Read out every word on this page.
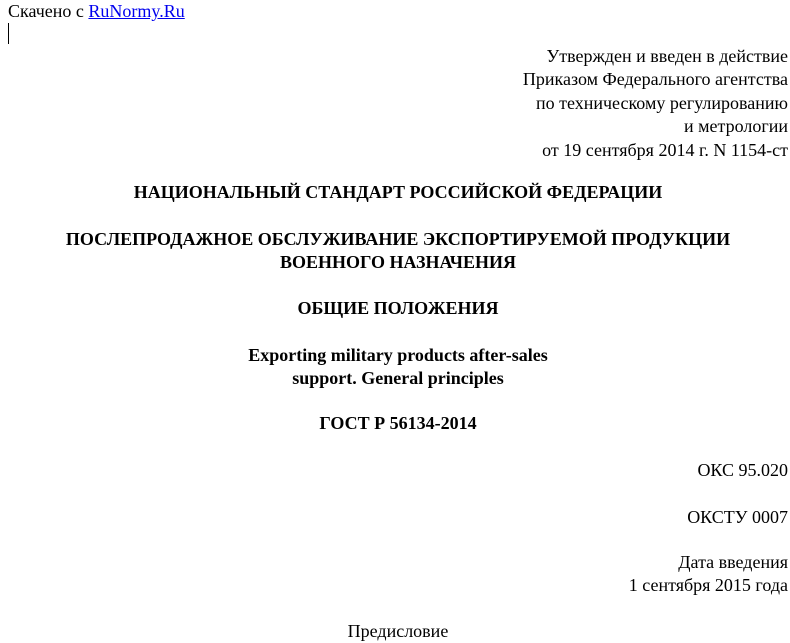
Скачено с RuNormy.Ru
Утвержден и введен в действие
Приказом Федерального агентства
по техническому регулированию
и метрологии
от 19 сентября 2014 г. N 1154-ст
НАЦИОНАЛЬНЫЙ СТАНДАРТ РОССИЙСКОЙ ФЕДЕРАЦИИ
ПОСЛЕПРОДАЖНОЕ ОБСЛУЖИВАНИЕ ЭКСПОРТИРУЕМОЙ ПРОДУКЦИИ
ВОЕННОГО НАЗНАЧЕНИЯ
ОБЩИЕ ПОЛОЖЕНИЯ
Exporting military products after-sales
support. General principles
ГОСТ Р 56134-2014
ОКС 95.020
ОКСТУ 0007
Дата введения
1 сентября 2015 года
Предисловие
